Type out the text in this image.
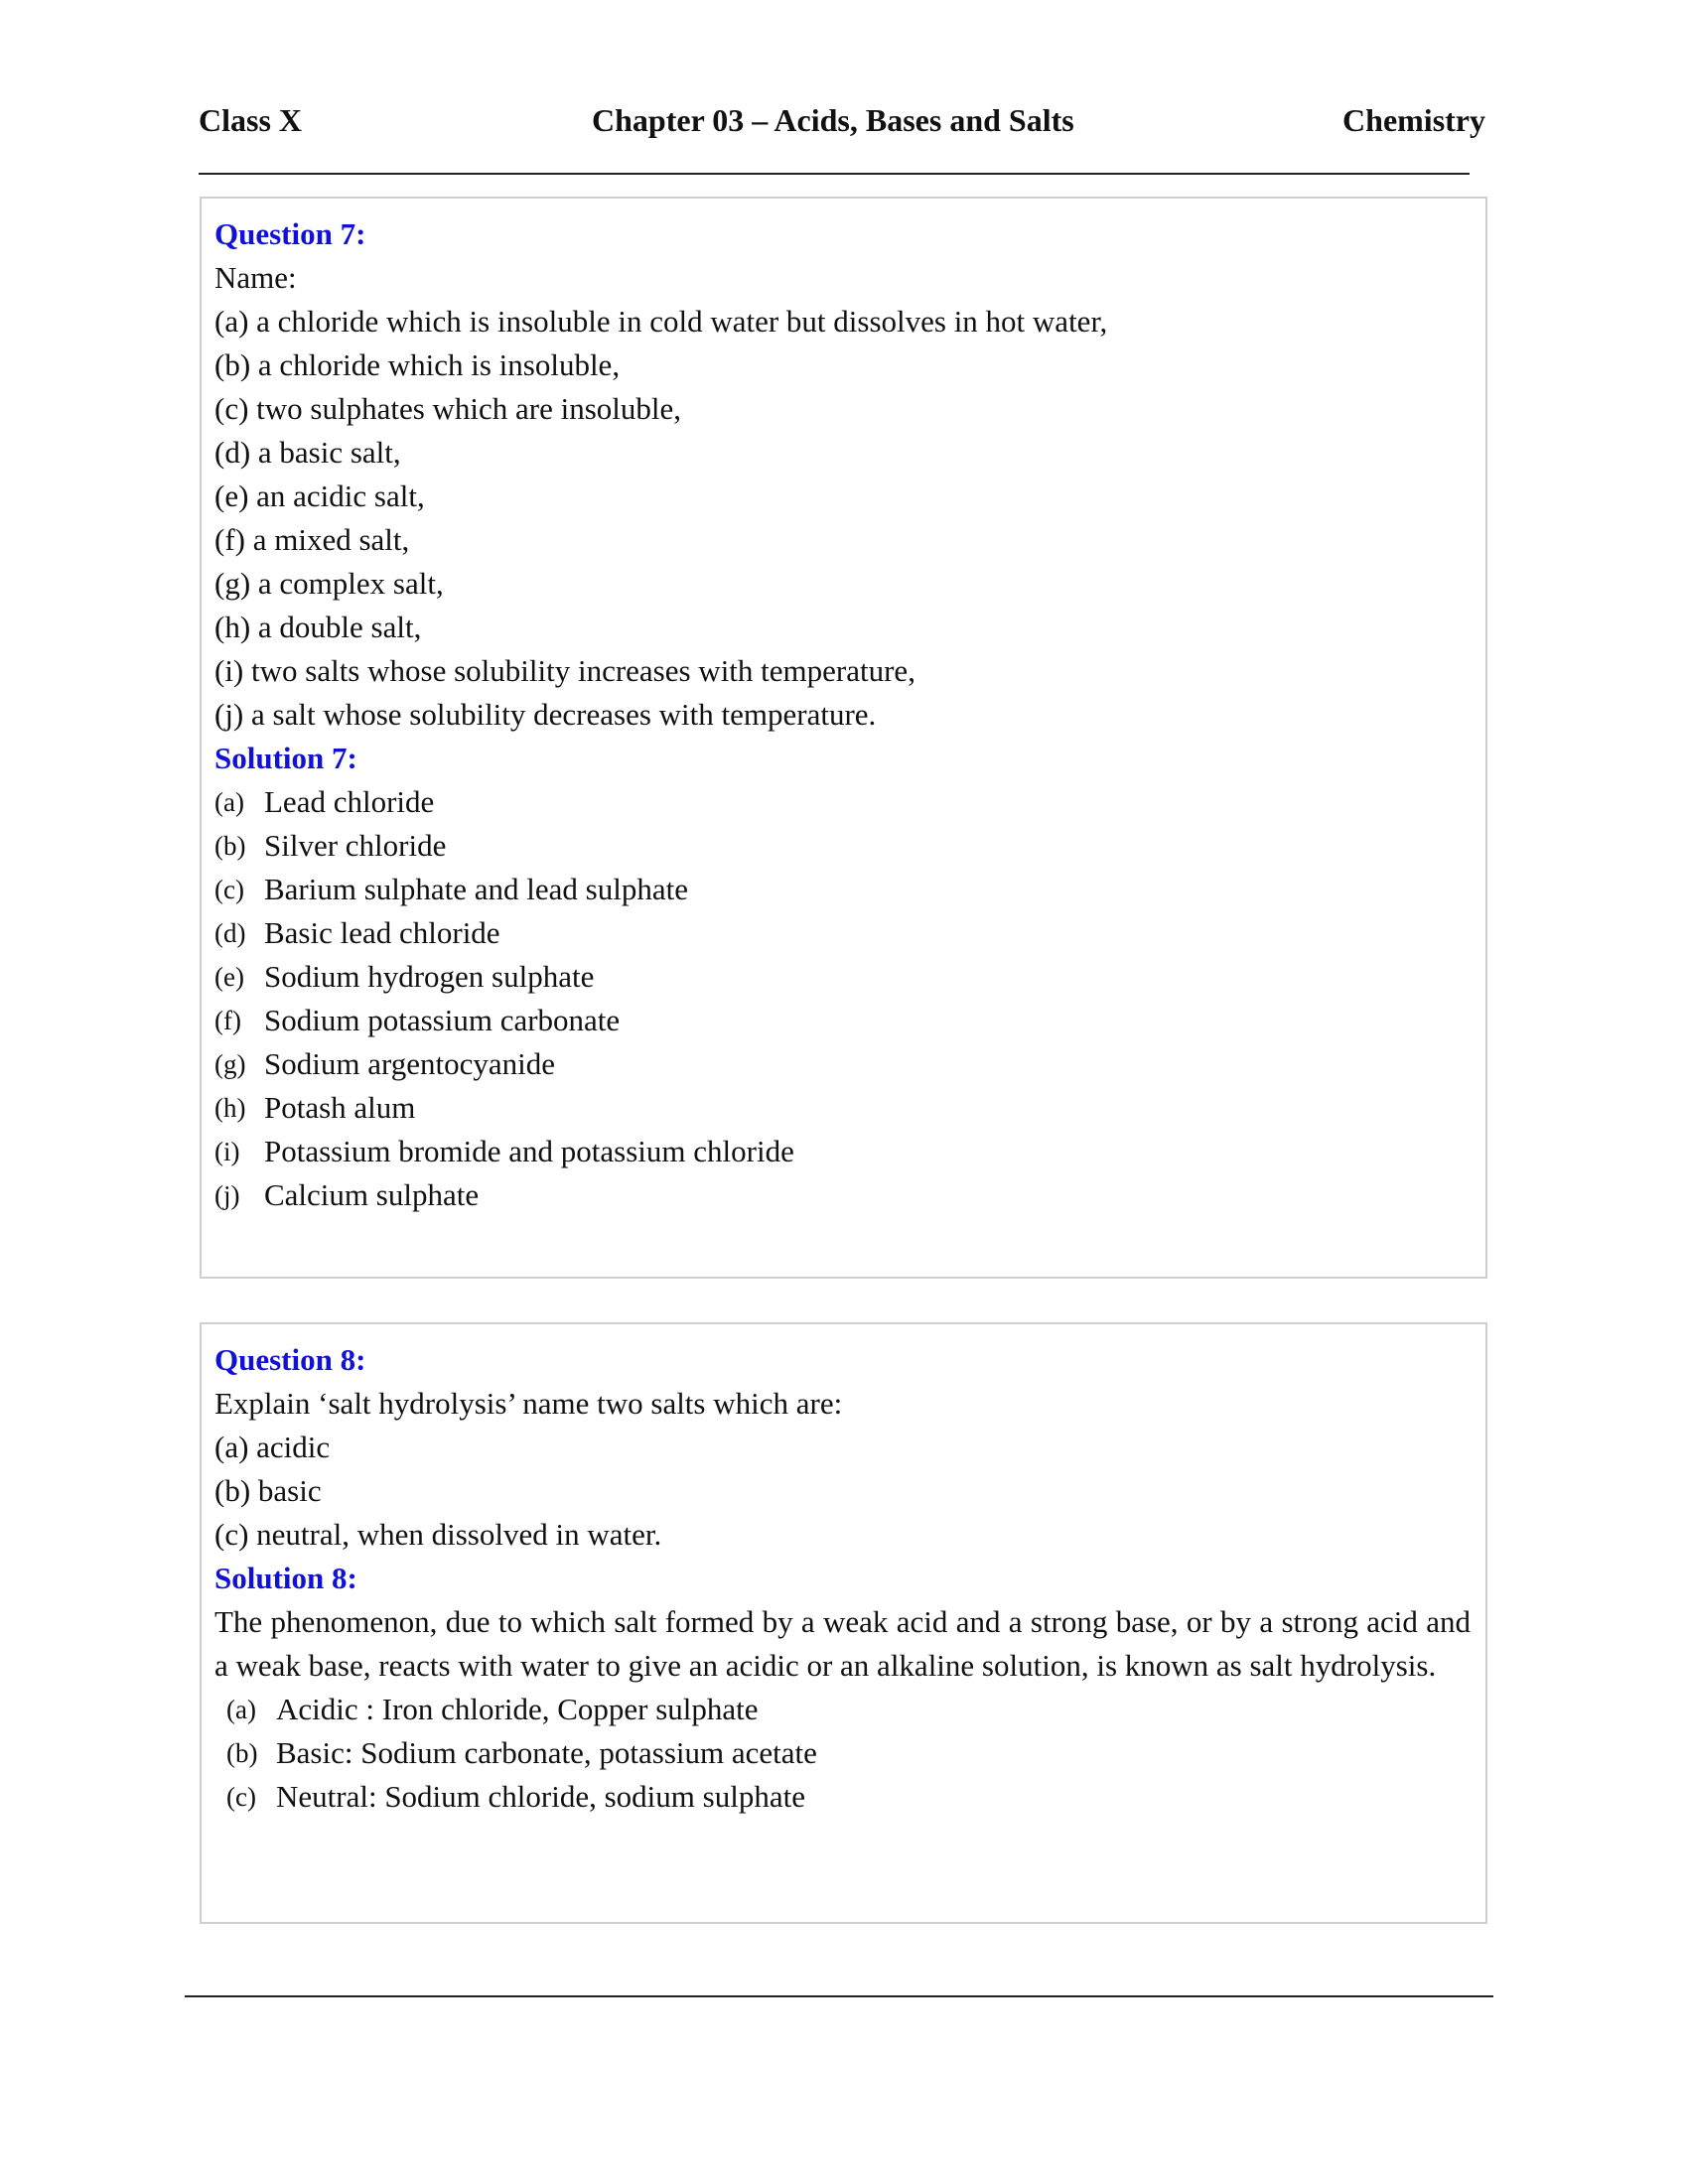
Class X	Chapter 03 – Acids, Bases and Salts	Chemistry
Question 7:
Name:
(a) a chloride which is insoluble in cold water but dissolves in hot water,
(b) a chloride which is insoluble,
(c) two sulphates which are insoluble,
(d) a basic salt,
(e) an acidic salt,
(f) a mixed salt,
(g) a complex salt,
(h) a double salt,
(i) two salts whose solubility increases with temperature,
(j) a salt whose solubility decreases with temperature.
Solution 7:
(a) Lead chloride
(b) Silver chloride
(c) Barium sulphate and lead sulphate
(d) Basic lead chloride
(e) Sodium hydrogen sulphate
(f) Sodium potassium carbonate
(g) Sodium argentocyanide
(h) Potash alum
(i) Potassium bromide and potassium chloride
(j) Calcium sulphate
Question 8:
Explain ‘salt hydrolysis’ name two salts which are:
(a) acidic
(b) basic
(c) neutral, when dissolved in water.
Solution 8:
The phenomenon, due to which salt formed by a weak acid and a strong base, or by a strong acid and a weak base, reacts with water to give an acidic or an alkaline solution, is known as salt hydrolysis.
(a) Acidic : Iron chloride, Copper sulphate
(b) Basic: Sodium carbonate, potassium acetate
(c) Neutral: Sodium chloride, sodium sulphate
